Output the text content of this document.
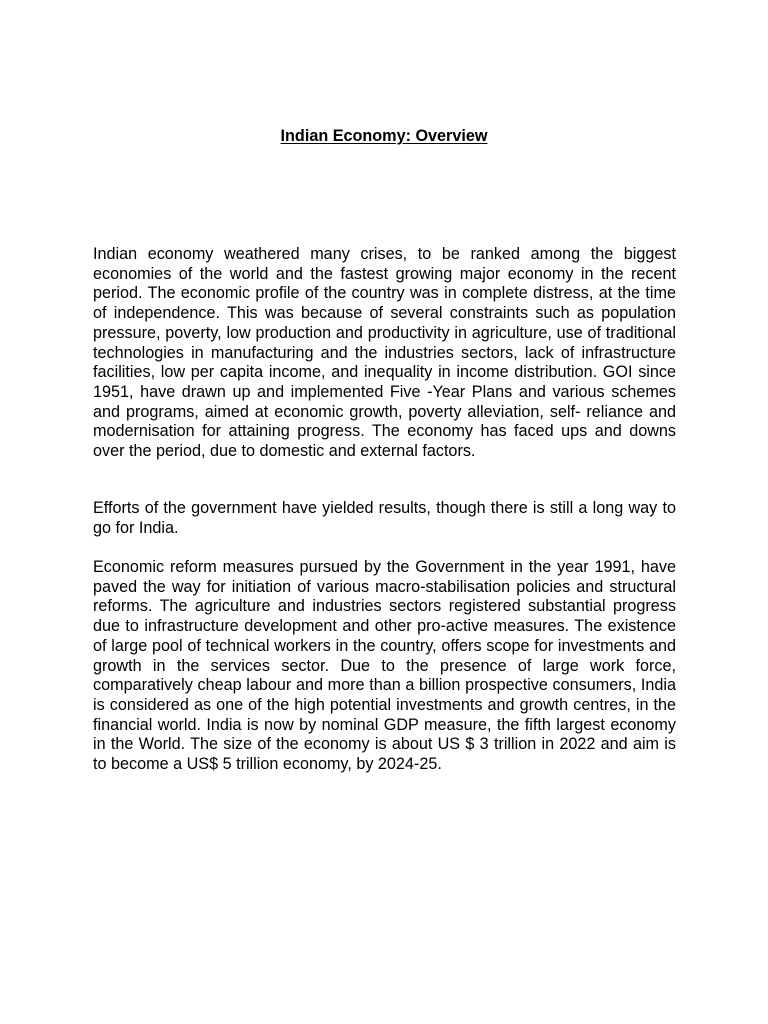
Indian Economy: Overview

Indian economy weathered many crises, to be ranked among the biggest economies of the world and the fastest growing major economy in the recent period. The economic profile of the country was in complete distress, at the time of independence. This was because of several constraints such as population pressure, poverty, low production and productivity in agriculture, use of traditional technologies in manufacturing and the industries sectors, lack of infrastructure facilities, low per capita income, and inequality in income distribution. GOI since 1951, have drawn up and implemented Five -Year Plans and various schemes and programs, aimed at economic growth, poverty alleviation, self- reliance and modernisation for attaining progress. The economy has faced ups and downs over the period, due to domestic and external factors.

Efforts of the government have yielded results, though there is still a long way to go for India.

Economic reform measures pursued by the Government in the year 1991, have paved the way for initiation of various macro-stabilisation policies and structural reforms. The agriculture and industries sectors registered substantial progress due to infrastructure development and other pro-active measures. The existence of large pool of technical workers in the country, offers scope for investments and growth in the services sector. Due to the presence of large work force, comparatively cheap labour and more than a billion prospective consumers, India is considered as one of the high potential investments and growth centres, in the financial world. India is now by nominal GDP measure, the fifth largest economy in the World. The size of the economy is about US $ 3 trillion in 2022 and aim is to become a US$ 5 trillion economy, by 2024-25.
